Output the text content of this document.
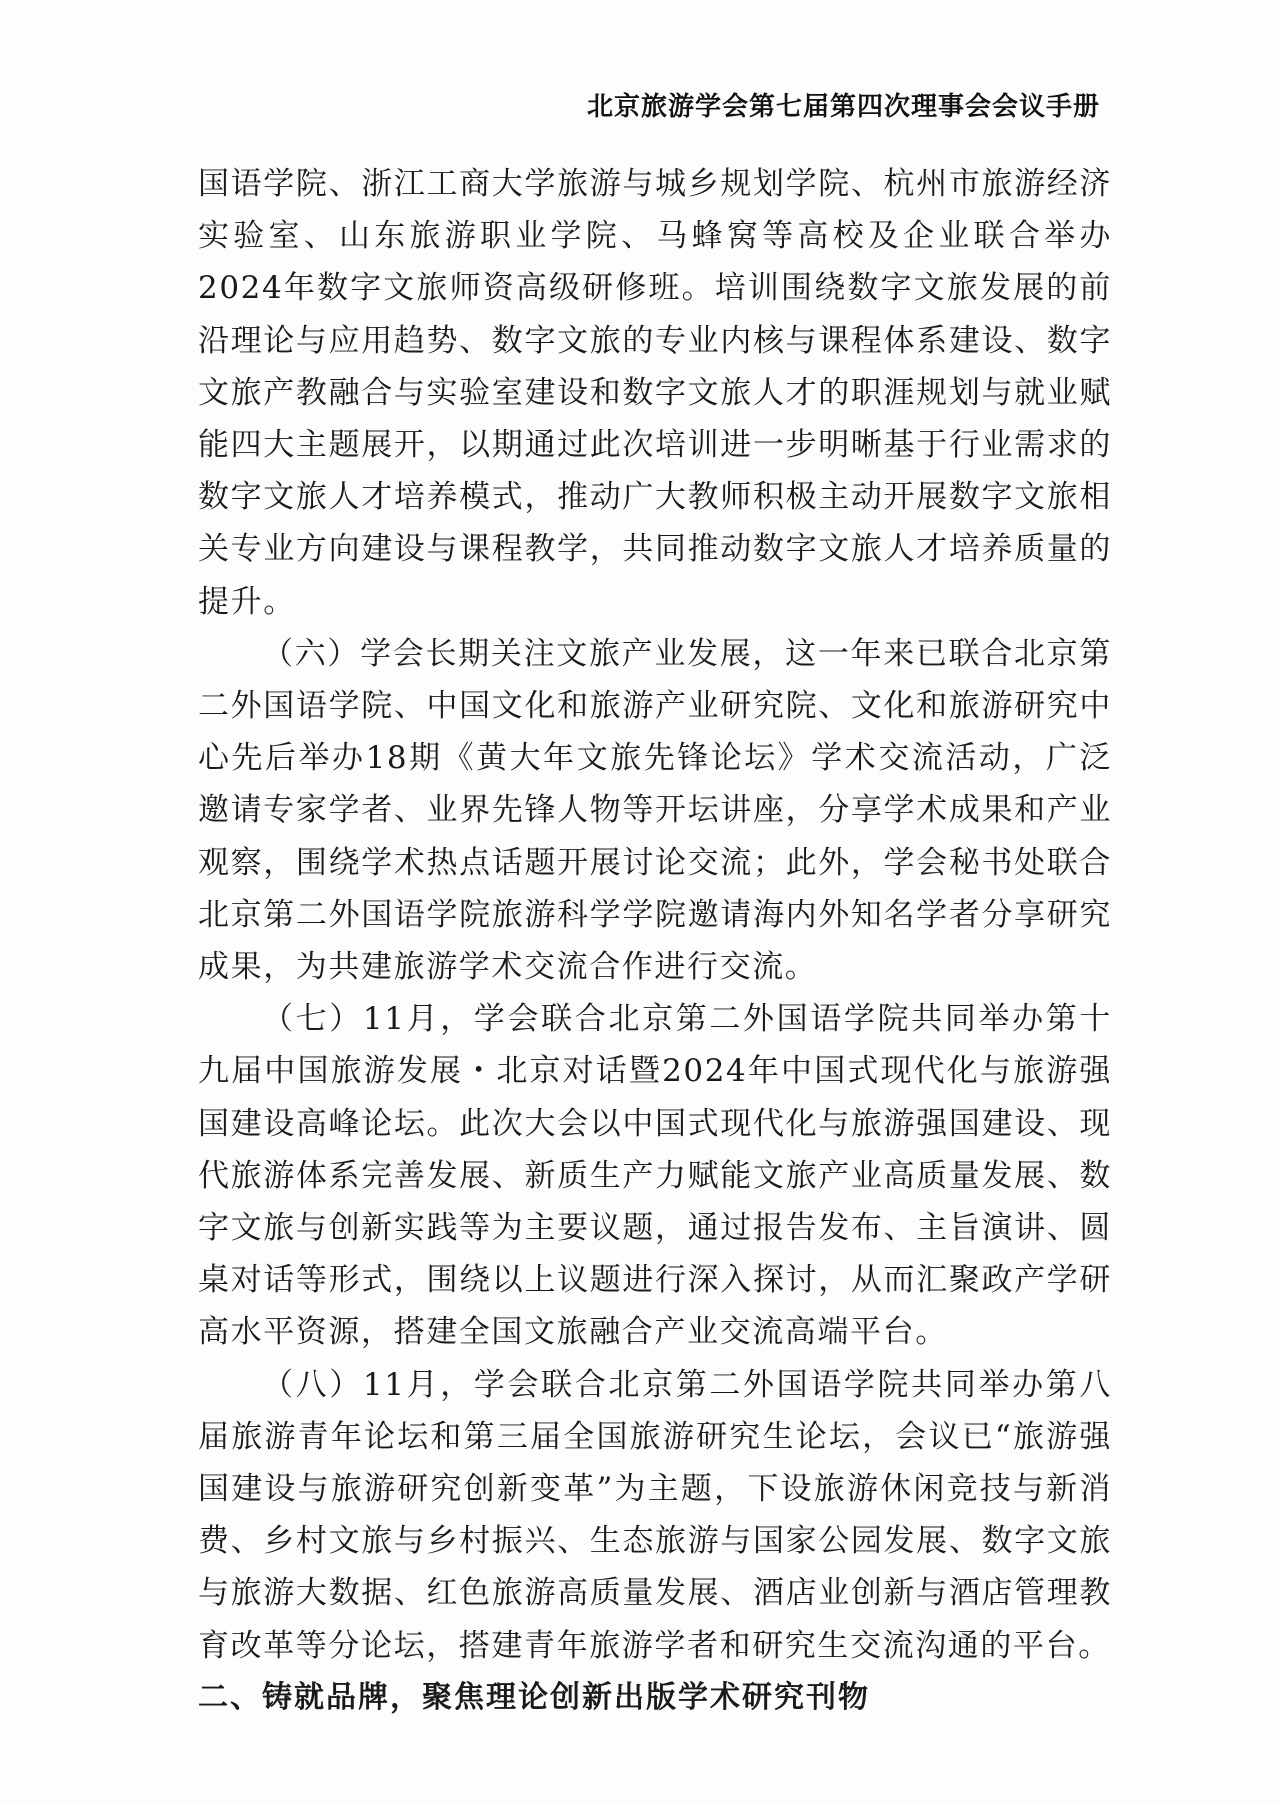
北京旅游学会第七届第四次理事会会议手册

国语学院、浙江工商大学旅游与城乡规划学院、杭州市旅游经济实验室、山东旅游职业学院、马蜂窝等高校及企业联合举办2024年数字文旅师资高级研修班。培训围绕数字文旅发展的前沿理论与应用趋势、数字文旅的专业内核与课程体系建设、数字文旅产教融合与实验室建设和数字文旅人才的职涯规划与就业赋能四大主题展开，以期通过此次培训进一步明晰基于行业需求的数字文旅人才培养模式，推动广大教师积极主动开展数字文旅相关专业方向建设与课程教学，共同推动数字文旅人才培养质量的提升。

（六）学会长期关注文旅产业发展，这一年来已联合北京第二外国语学院、中国文化和旅游产业研究院、文化和旅游研究中心先后举办18期《黄大年文旅先锋论坛》学术交流活动，广泛邀请专家学者、业界先锋人物等开坛讲座，分享学术成果和产业观察，围绕学术热点话题开展讨论交流；此外，学会秘书处联合北京第二外国语学院旅游科学学院邀请海内外知名学者分享研究成果，为共建旅游学术交流合作进行交流。

（七）11月，学会联合北京第二外国语学院共同举办第十九届中国旅游发展・北京对话暨2024年中国式现代化与旅游强国建设高峰论坛。此次大会以中国式现代化与旅游强国建设、现代旅游体系完善发展、新质生产力赋能文旅产业高质量发展、数字文旅与创新实践等为主要议题，通过报告发布、主旨演讲、圆桌对话等形式，围绕以上议题进行深入探讨，从而汇聚政产学研高水平资源，搭建全国文旅融合产业交流高端平台。

（八）11月，学会联合北京第二外国语学院共同举办第八届旅游青年论坛和第三届全国旅游研究生论坛，会议已“旅游强国建设与旅游研究创新变革”为主题，下设旅游休闲竞技与新消费、乡村文旅与乡村振兴、生态旅游与国家公园发展、数字文旅与旅游大数据、红色旅游高质量发展、酒店业创新与酒店管理教育改革等分论坛，搭建青年旅游学者和研究生交流沟通的平台。

二、铸就品牌，聚焦理论创新出版学术研究刊物
